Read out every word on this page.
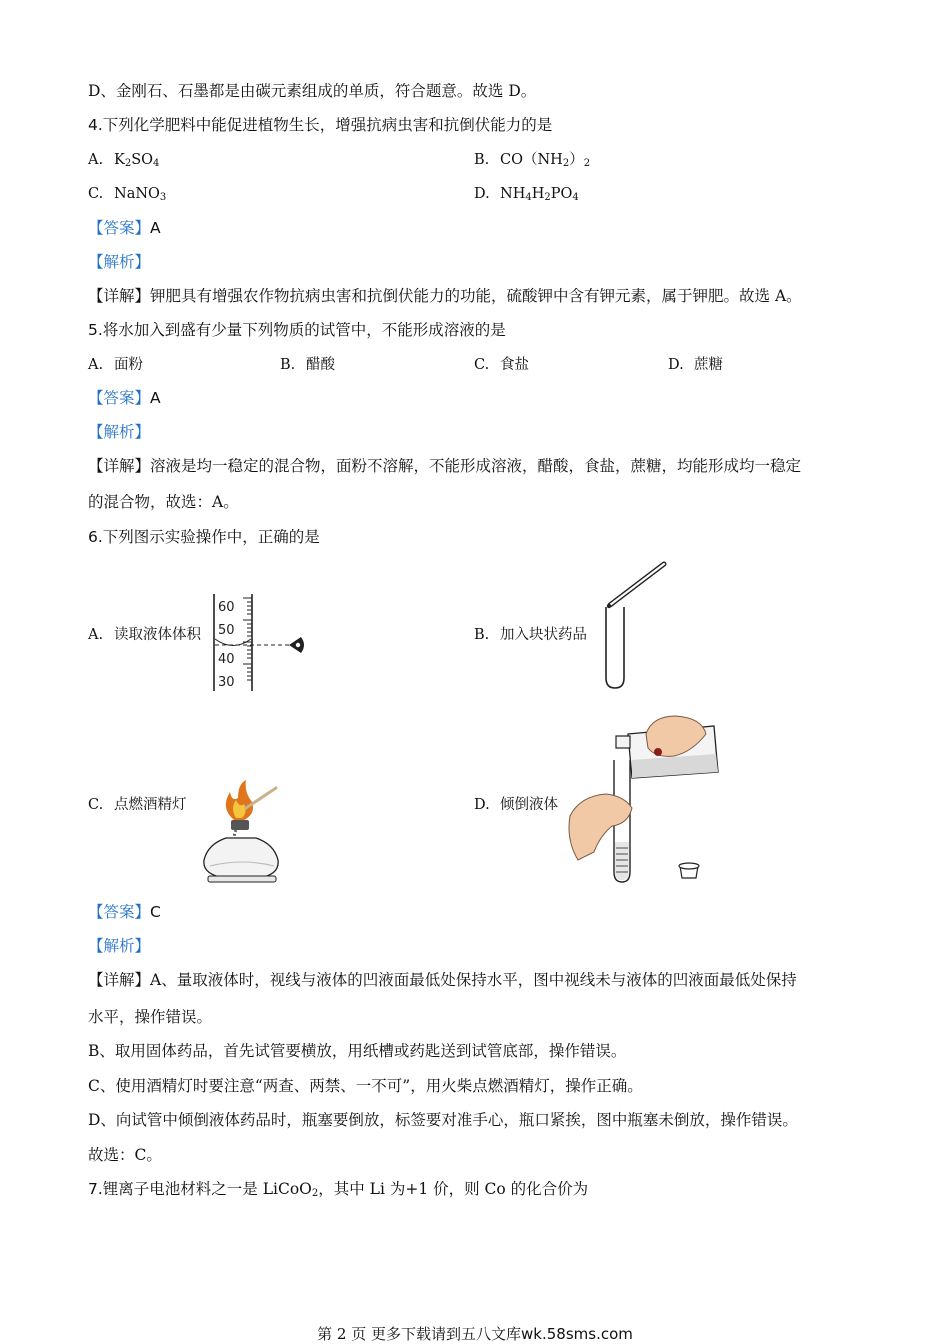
D、金刚石、石墨都是由碳元素组成的单质，符合题意。故选 D。
4.下列化学肥料中能促进植物生长，增强抗病虫害和抗倒伏能力的是
A. $K_2SO_4$	B. $CO(NH_2)_2$
C. NaNO$_3$	D. $NH_4H_2PO_4$
【答案】A
【解析】
【详解】钾肥具有增强农作物抗病虫害和抗倒伏能力的功能，硫酸钾中含有钾元素，属于钾肥。故选 A。
5.将水加入到盛有少量下列物质的试管中，不能形成溶液的是
A. 面粉	B. 醋酸	C. 食盐	D. 蔗糖
【答案】A
【解析】
【详解】溶液是均一稳定的混合物，面粉不溶解，不能形成溶液，醋酸，食盐，蔗糖，均能形成均一稳定
的混合物，故选：A。
6.下列图示实验操作中，正确的是
A. 读取液体体积
60
50
40
30
B. 加入块状药品
C. 点燃酒精灯	D. 倾倒液体
【答案】C
【解析】
【详解】A、量取液体时，视线与液体的凹液面最低处保持水平，图中视线未与液体的凹液面最低处保持
水平，操作错误。
B、取用固体药品，首先试管要横放，用纸槽或药匙送到试管底部，操作错误。
C、使用酒精灯时要注意“两查、两禁、一不可”，用火柴点燃酒精灯，操作正确。
D、向试管中倾倒液体药品时，瓶塞要倒放，标签要对准手心，瓶口紧挨，图中瓶塞未倒放，操作错误。
故选：C。
7.锂离子电池材料之一是 LiCoO$_2$，其中 Li 为+1 价，则 Co 的化合价为
第 2 页 更多下载请到五八文库wk.58sms.com
